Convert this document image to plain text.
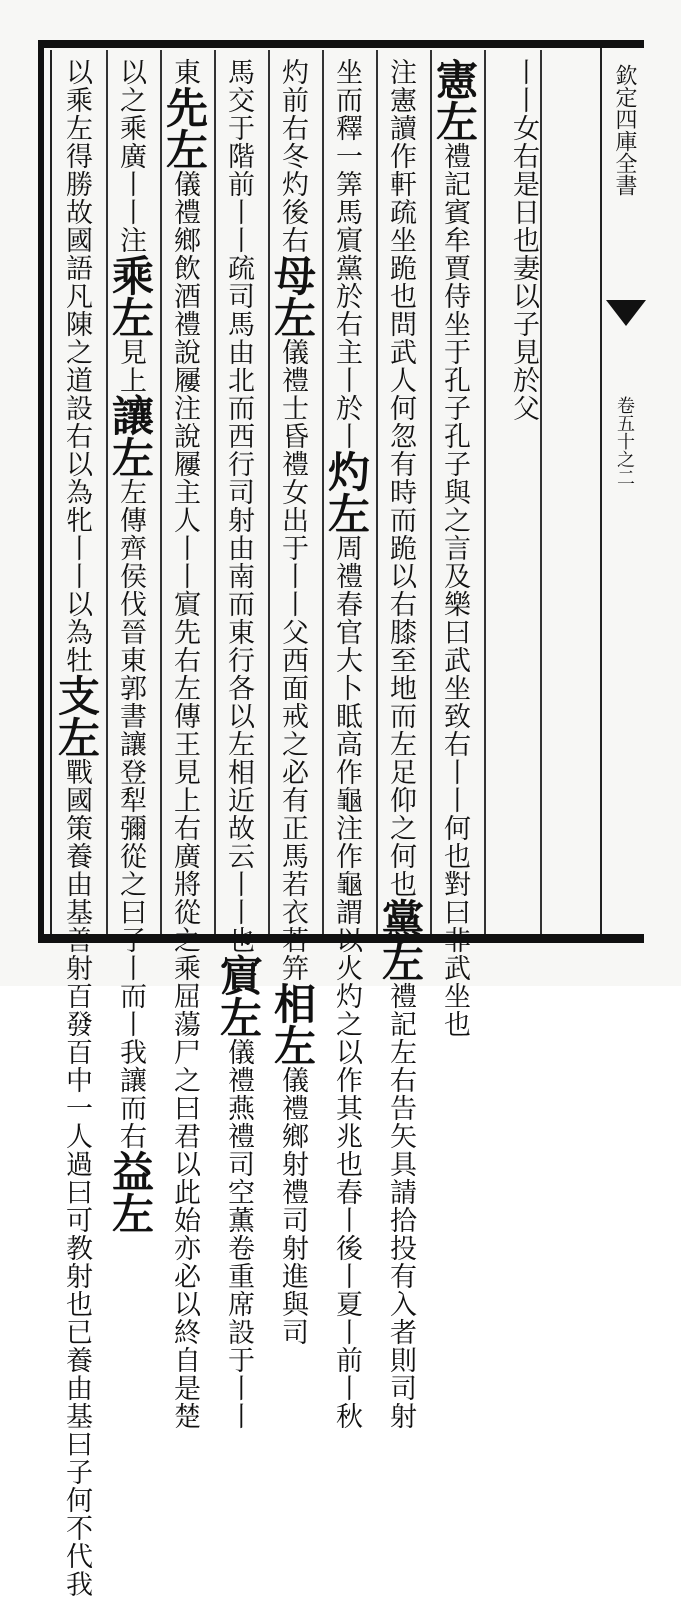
欽定四庫全書
卷五十之二
丨丨女右是日也妻以子見於父
憲左禮記賓牟賈侍坐于孔子孔子與之言及樂曰武坐致右丨丨何也對曰非武坐也
注憲讀作軒疏坐跪也問武人何忽有時而跪以右膝至地而左足仰之何也黨左禮記左右告矢具請拾投有入者則司射
坐而釋一筭馬賔黨於右主丨於丨灼左周禮春官大卜眡高作龜注作龜謂以火灼之以作其兆也春丨後丨夏丨前丨秋
灼前右冬灼後右母左儀禮士昏禮女出于丨丨父西面戒之必有正馬若衣若笄相左儀禮鄉射禮司射進與司
馬交于階前丨丨疏司馬由北而西行司射由南而東行各以左相近故云丨丨也賔左儀禮燕禮司空薫卷重席設于丨丨
東先左儀禮鄉飲酒禮說屨注說屨主人丨丨賔先右左傳王見上右廣將從之乘屈蕩尸之曰君以此始亦必以終自是楚
以之乘廣丨丨注乘左見上讓左左傳齊侯伐晉東郭書讓登犁彌從之曰子丨而丨我讓而右益左
以乘左得勝故國語凡陳之道設右以為牝丨丨以為牡支左戰國策養由基善射百發百中一人過曰可教射也已養由基曰子何不代我
